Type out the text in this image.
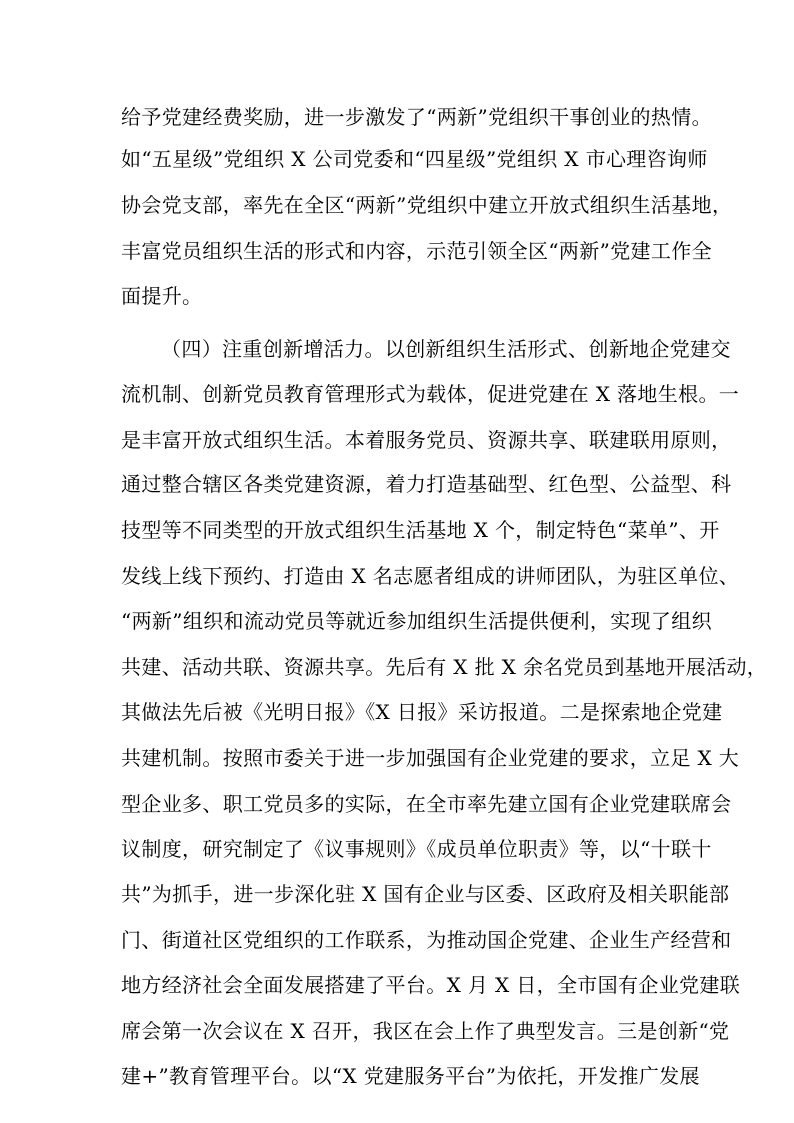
给予党建经费奖励，进一步激发了“两新”党组织干事创业的热情。
如“五星级”党组织 X 公司党委和“四星级”党组织 X 市心理咨询师
协会党支部，率先在全区“两新”党组织中建立开放式组织生活基地，
丰富党员组织生活的形式和内容，示范引领全区“两新”党建工作全
面提升。
（四）注重创新增活力。以创新组织生活形式、创新地企党建交
流机制、创新党员教育管理形式为载体，促进党建在 X 落地生根。一
是丰富开放式组织生活。本着服务党员、资源共享、联建联用原则，
通过整合辖区各类党建资源，着力打造基础型、红色型、公益型、科
技型等不同类型的开放式组织生活基地 X 个，制定特色“菜单”、开
发线上线下预约、打造由 X 名志愿者组成的讲师团队，为驻区单位、
“两新”组织和流动党员等就近参加组织生活提供便利，实现了组织
共建、活动共联、资源共享。先后有 X 批 X 余名党员到基地开展活动，
其做法先后被《光明日报》《X 日报》采访报道。二是探索地企党建
共建机制。按照市委关于进一步加强国有企业党建的要求，立足 X 大
型企业多、职工党员多的实际，在全市率先建立国有企业党建联席会
议制度，研究制定了《议事规则》《成员单位职责》等，以“十联十
共”为抓手，进一步深化驻 X 国有企业与区委、区政府及相关职能部
门、街道社区党组织的工作联系，为推动国企党建、企业生产经营和
地方经济社会全面发展搭建了平台。X 月 X 日，全市国有企业党建联
席会第一次会议在 X 召开，我区在会上作了典型发言。三是创新“党
建+”教育管理平台。以“X 党建服务平台”为依托，开发推广发展
